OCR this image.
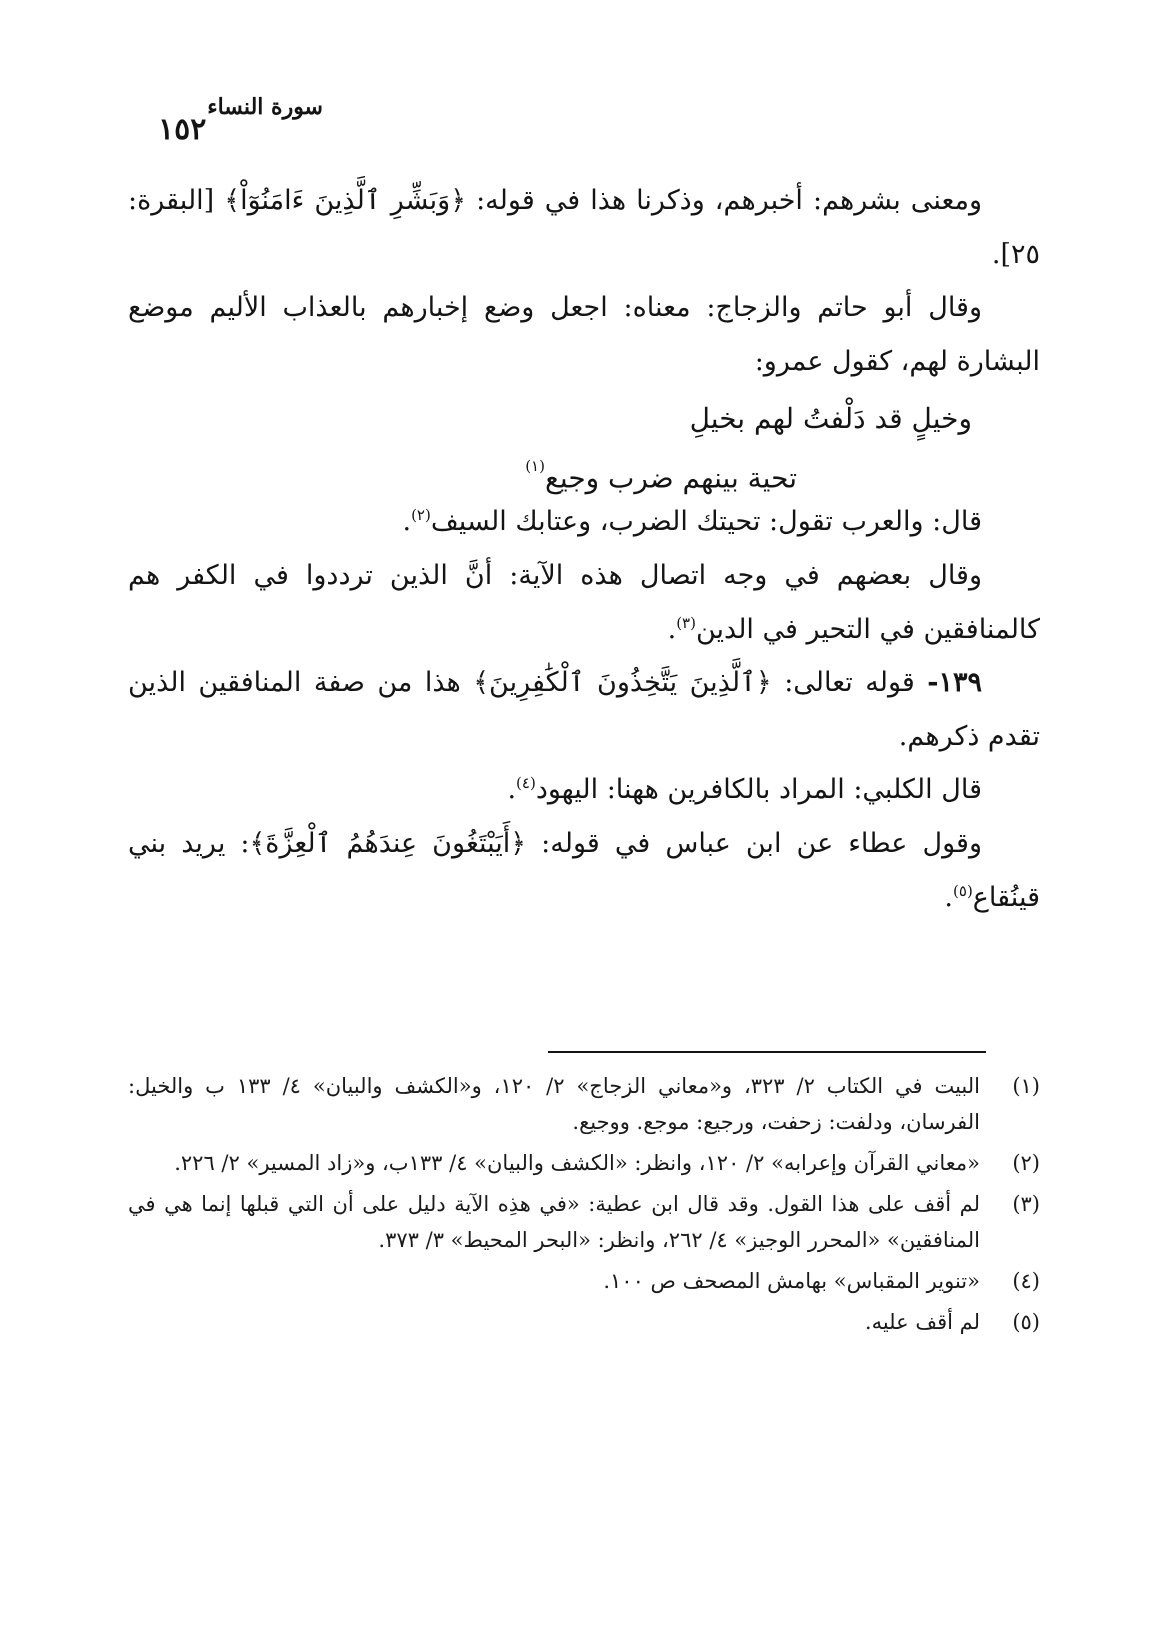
١٥٢
سورة النساء

ومعنى بشرهم: أخبرهم، وذكرنا هذا في قوله: ﴿وَبَشِّرِ ٱلَّذِينَ ءَامَنُوٓاْ﴾ [البقرة: ٢٥].

وقال أبو حاتم والزجاج: معناه: اجعل وضع إخبارهم بالعذاب الأليم موضع البشارة لهم، كقول عمرو:

وخيلٍ قد دَلْفتُ لهم بخيلِ
تحية بينهم ضرب وجيع$^{(١)}$

قال: والعرب تقول: تحيتك الضرب، وعتابك السيف$^{(٢)}$.

وقال بعضهم في وجه اتصال هذه الآية: أنَّ الذين ترددوا في الكفر هم كالمنافقين في التحير في الدين$^{(٣)}$.

١٣٩- قوله تعالى: ﴿ٱلَّذِينَ يَتَّخِذُونَ ٱلْكَٰفِرِينَ﴾ هذا من صفة المنافقين الذين تقدم ذكرهم.

قال الكلبي: المراد بالكافرين ههنا: اليهود$^{(٤)}$.

وقول عطاء عن ابن عباس في قوله: ﴿أَيَبْتَغُونَ عِندَهُمُ ٱلْعِزَّةَ﴾: يريد بني قينُقاع$^{(٥)}$.

(١)
البيت في الكتاب ٢/ ٣٢٣، و«معاني الزجاج» ٢/ ١٢٠، و«الكشف والبيان» ٤/ ١٣٣ ب والخيل: الفرسان، ودلفت: زحفت، ورجيع: موجع. ووجيع.
(٢)
«معاني القرآن وإعرابه» ٢/ ١٢٠، وانظر: «الكشف والبيان» ٤/ ١٣٣ب، و«زاد المسير» ٢/ ٢٢٦.
(٣)
لم أقف على هذا القول. وقد قال ابن عطية: «في هذِه الآية دليل على أن التي قبلها إنما هي في المنافقين» «المحرر الوجيز» ٤/ ٢٦٢، وانظر: «البحر المحيط» ٣/ ٣٧٣.
(٤)
«تنوير المقباس» بهامش المصحف ص ١٠٠.
(٥)
لم أقف عليه.
